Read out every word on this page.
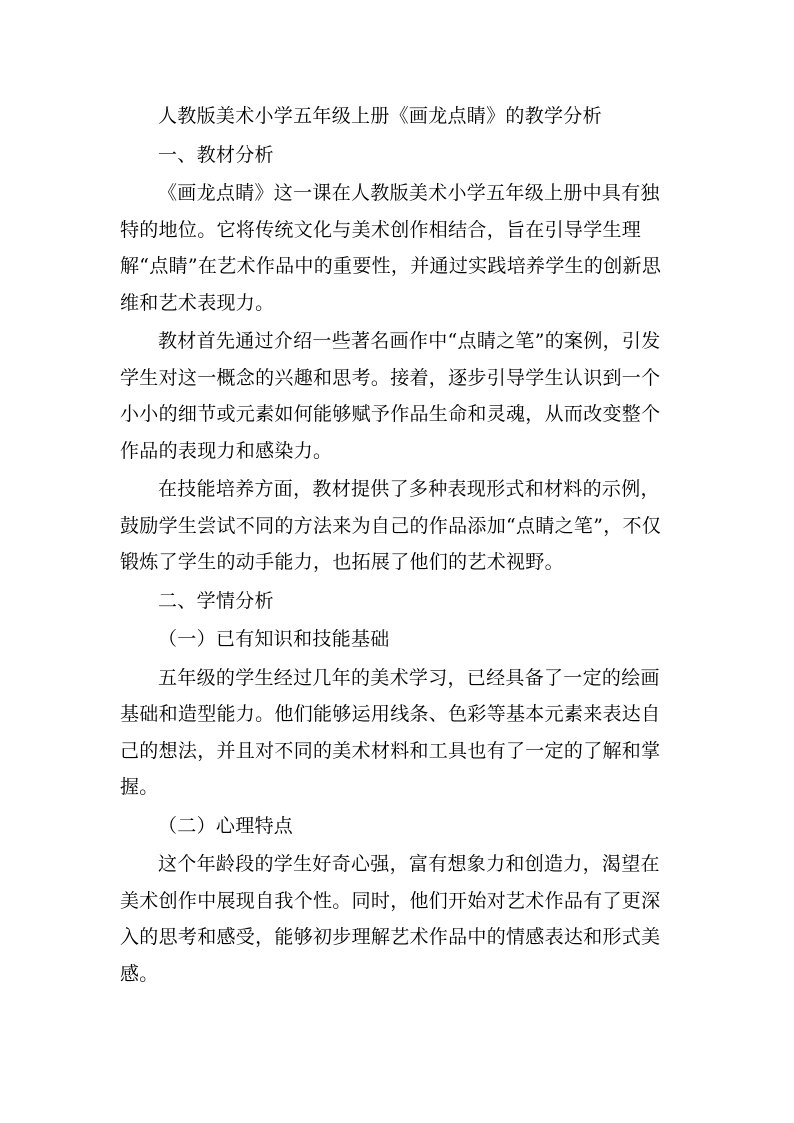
人教版美术小学五年级上册《画龙点睛》的教学分析

一、教材分析

《画龙点睛》这一课在人教版美术小学五年级上册中具有独特的地位。它将传统文化与美术创作相结合，旨在引导学生理解“点睛”在艺术作品中的重要性，并通过实践培养学生的创新思维和艺术表现力。

教材首先通过介绍一些著名画作中“点睛之笔”的案例，引发学生对这一概念的兴趣和思考。接着，逐步引导学生认识到一个小小的细节或元素如何能够赋予作品生命和灵魂，从而改变整个作品的表现力和感染力。

在技能培养方面，教材提供了多种表现形式和材料的示例，鼓励学生尝试不同的方法来为自己的作品添加“点睛之笔”，不仅锻炼了学生的动手能力，也拓展了他们的艺术视野。

二、学情分析

（一）已有知识和技能基础

五年级的学生经过几年的美术学习，已经具备了一定的绘画基础和造型能力。他们能够运用线条、色彩等基本元素来表达自己的想法，并且对不同的美术材料和工具也有了一定的了解和掌握。

（二）心理特点

这个年龄段的学生好奇心强，富有想象力和创造力，渴望在美术创作中展现自我个性。同时，他们开始对艺术作品有了更深入的思考和感受，能够初步理解艺术作品中的情感表达和形式美感。
